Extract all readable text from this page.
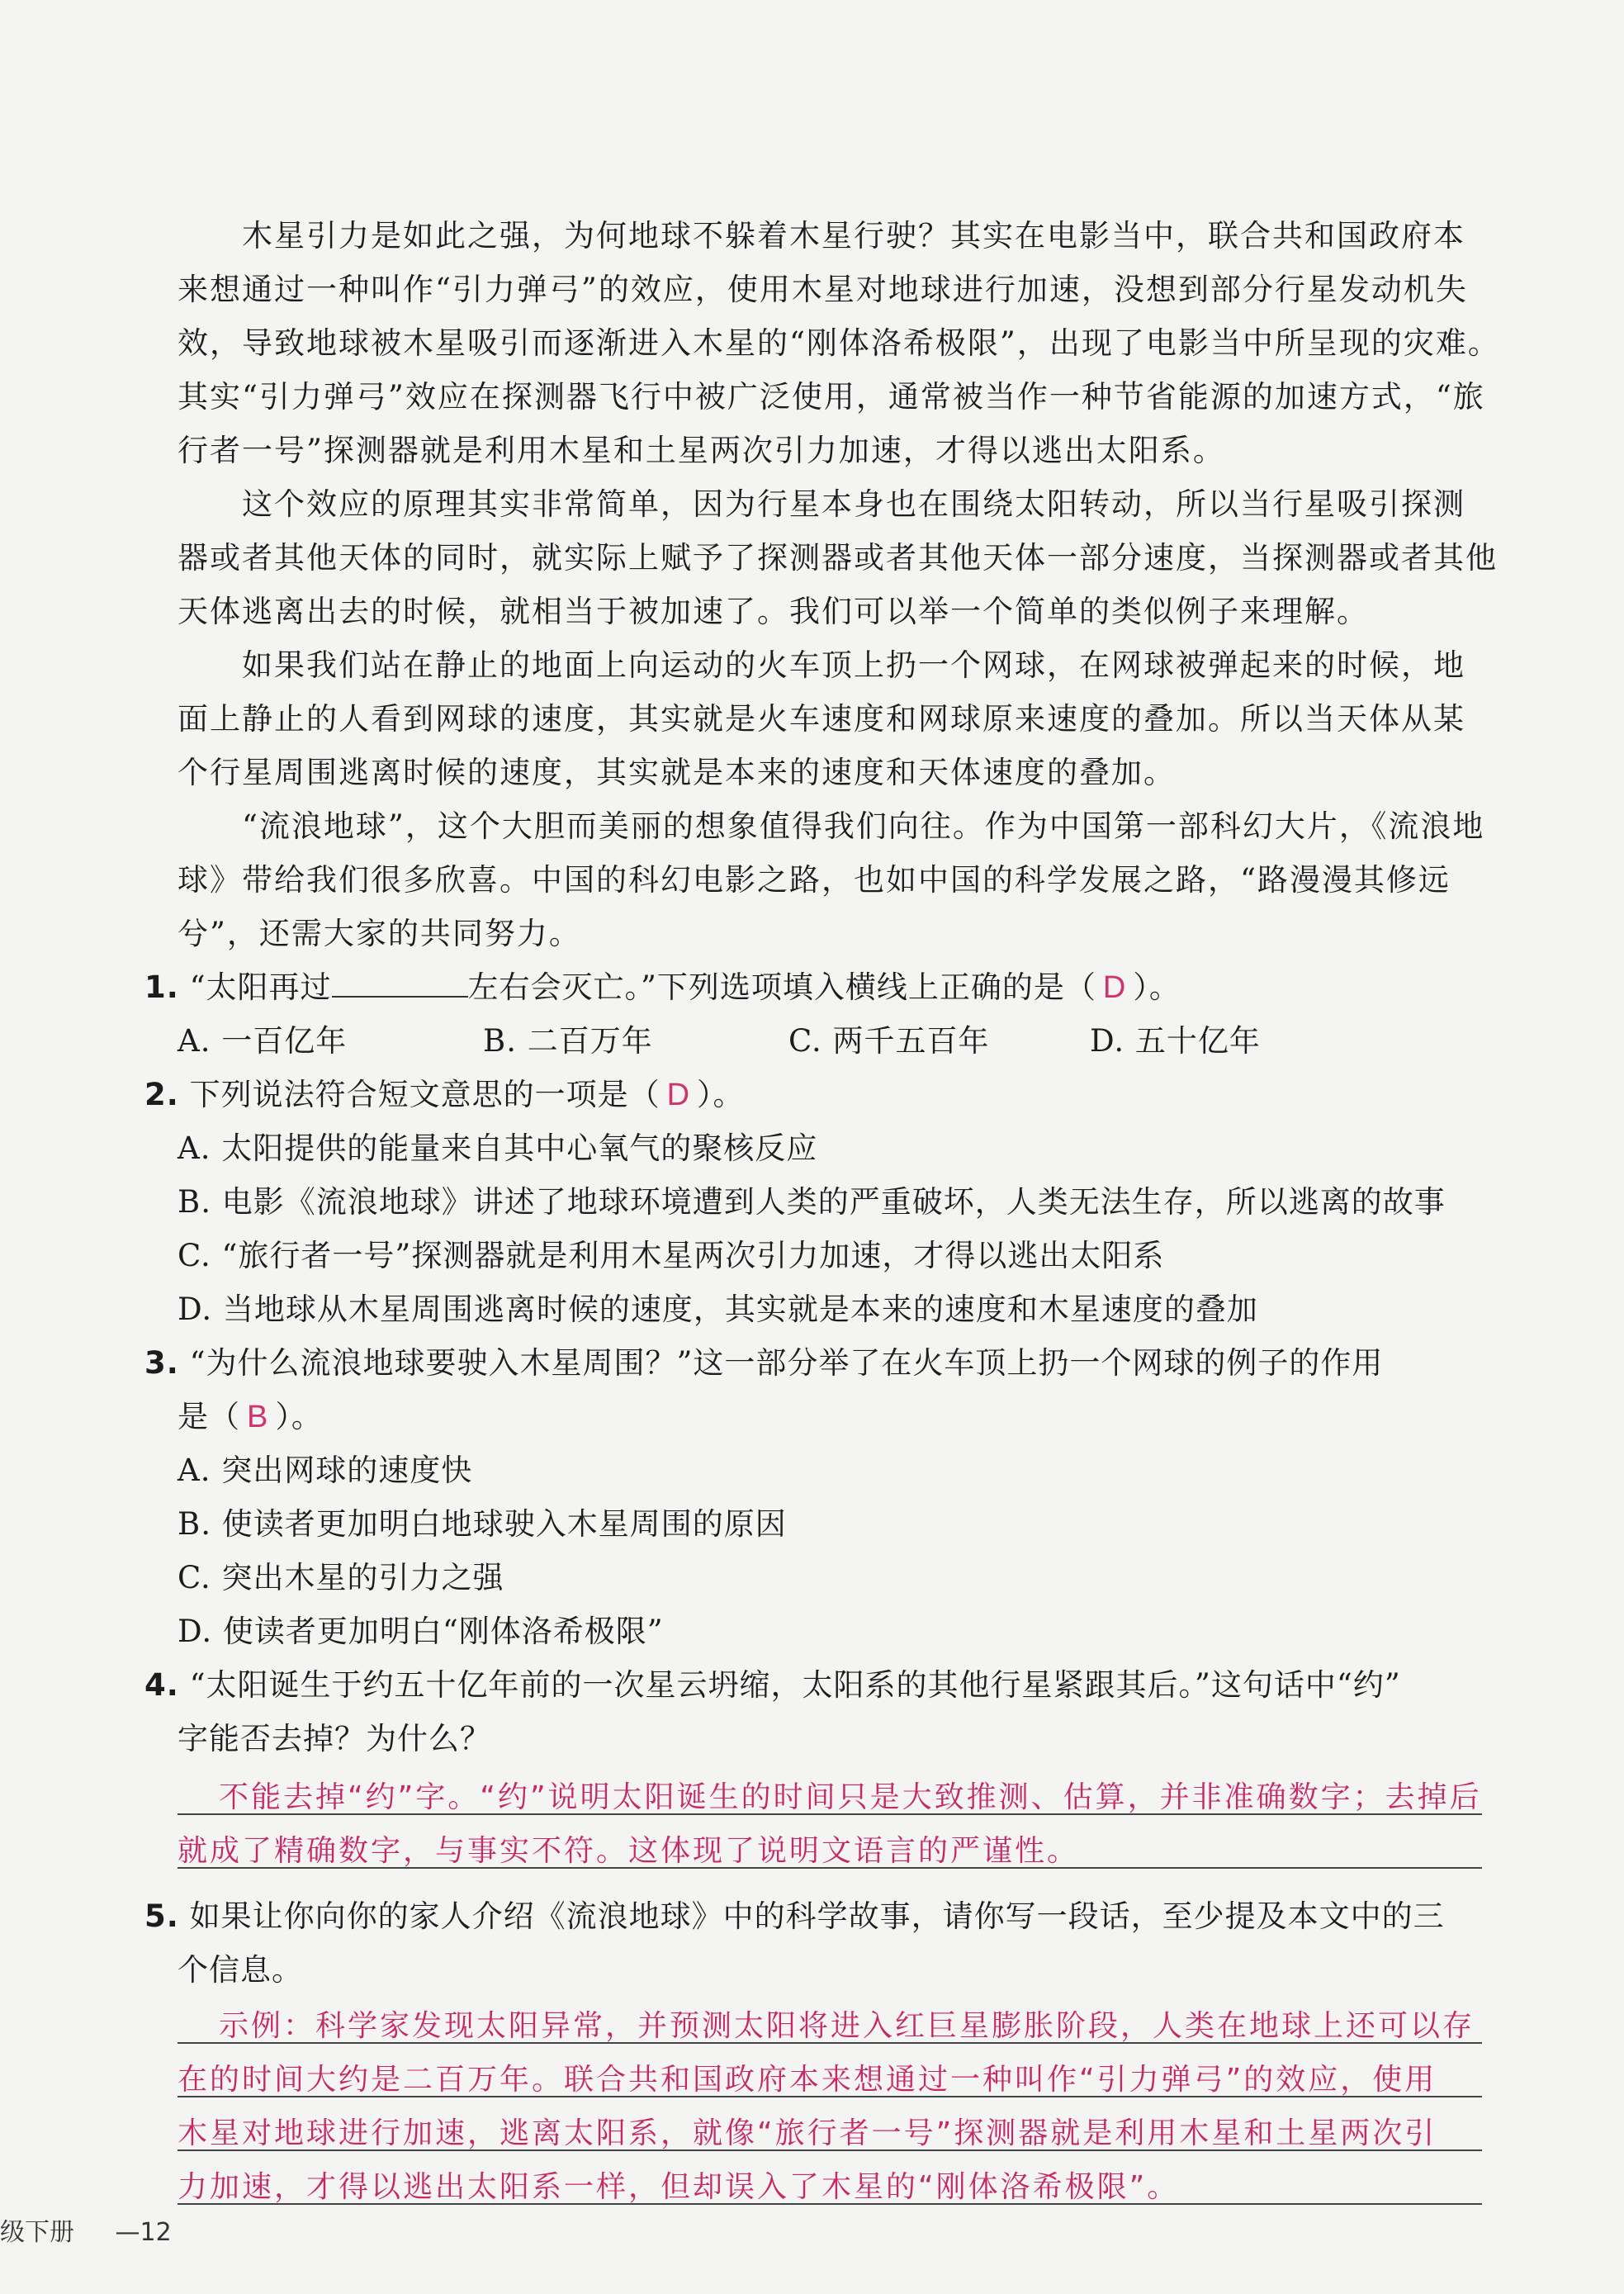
　　木星引力是如此之强，为何地球不躲着木星行驶？其实在电影当中，联合共和国政府本

来想通过一种叫作“引力弹弓”的效应，使用木星对地球进行加速，没想到部分行星发动机失

效，导致地球被木星吸引而逐渐进入木星的“刚体洛希极限”，出现了电影当中所呈现的灾难。

其实“引力弹弓”效应在探测器飞行中被广泛使用，通常被当作一种节省能源的加速方式，“旅

行者一号”探测器就是利用木星和土星两次引力加速，才得以逃出太阳系。

　　这个效应的原理其实非常简单，因为行星本身也在围绕太阳转动，所以当行星吸引探测

器或者其他天体的同时，就实际上赋予了探测器或者其他天体一部分速度，当探测器或者其他

天体逃离出去的时候，就相当于被加速了。我们可以举一个简单的类似例子来理解。

　　如果我们站在静止的地面上向运动的火车顶上扔一个网球，在网球被弹起来的时候，地

面上静止的人看到网球的速度，其实就是火车速度和网球原来速度的叠加。所以当天体从某

个行星周围逃离时候的速度，其实就是本来的速度和天体速度的叠加。

　　“流浪地球”，这个大胆而美丽的想象值得我们向往。作为中国第一部科幻大片，《流浪地

球》带给我们很多欣喜。中国的科幻电影之路，也如中国的科学发展之路，“路漫漫其修远

兮”，还需大家的共同努力。

1. “太阳再过	左右会灭亡。”下列选项填入横线上正确的是（ D ）。

A. 一百亿年	B. 二百万年	C. 两千五百年	D. 五十亿年

2. 下列说法符合短文意思的一项是（ D ）。

A. 太阳提供的能量来自其中心氧气的聚核反应

B. 电影《流浪地球》讲述了地球环境遭到人类的严重破坏，人类无法生存，所以逃离的故事

C. “旅行者一号”探测器就是利用木星两次引力加速，才得以逃出太阳系

D. 当地球从木星周围逃离时候的速度，其实就是本来的速度和木星速度的叠加

3. “为什么流浪地球要驶入木星周围？”这一部分举了在火车顶上扔一个网球的例子的作用

是（ B ）。

A. 突出网球的速度快

B. 使读者更加明白地球驶入木星周围的原因

C. 突出木星的引力之强

D. 使读者更加明白“刚体洛希极限”

4. “太阳诞生于约五十亿年前的一次星云坍缩，太阳系的其他行星紧跟其后。”这句话中“约”

字能否去掉？为什么？

不能去掉“约”字。“约”说明太阳诞生的时间只是大致推测、估算，并非准确数字；去掉后

就成了精确数字，与事实不符。这体现了说明文语言的严谨性。

5. 如果让你向你的家人介绍《流浪地球》中的科学故事，请你写一段话，至少提及本文中的三

个信息。

示例：科学家发现太阳异常，并预测太阳将进入红巨星膨胀阶段，人类在地球上还可以存

在的时间大约是二百万年。联合共和国政府本来想通过一种叫作“引力弹弓”的效应，使用

木星对地球进行加速，逃离太阳系，就像“旅行者一号”探测器就是利用木星和土星两次引

力加速，才得以逃出太阳系一样，但却误入了木星的“刚体洛希极限”。

级下册 —12
